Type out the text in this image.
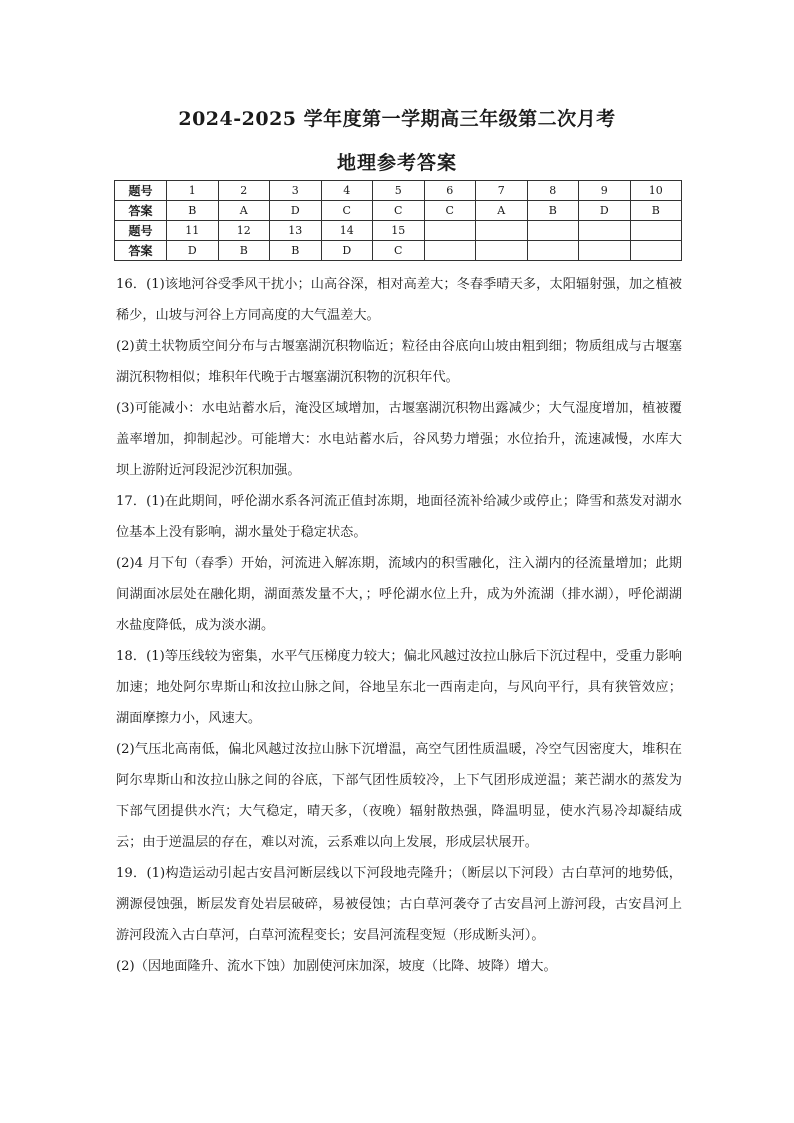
2024-2025 学年度第一学期高三年级第二次月考
地理参考答案
题号	1	2	3	4	5	6	7	8	9	10
答案	B	A	D	C	C	C	A	B	D	B
题号	11	12	13	14	15					
答案	D	B	B	D	C					

16．(1)该地河谷受季风干扰小；山高谷深，相对高差大；冬春季晴天多，太阳辐射强，加之植被稀少，山坡与河谷上方同高度的大气温差大。

(2)黄土状物质空间分布与古堰塞湖沉积物临近；粒径由谷底向山坡由粗到细；物质组成与古堰塞湖沉积物相似；堆积年代晚于古堰塞湖沉积物的沉积年代。

(3)可能减小：水电站蓄水后，淹没区域增加，古堰塞湖沉积物出露减少；大气湿度增加，植被覆盖率增加，抑制起沙。可能增大：水电站蓄水后，谷风势力增强；水位抬升，流速减慢，水库大坝上游附近河段泥沙沉积加强。

17．(1)在此期间，呼伦湖水系各河流正值封冻期，地面径流补给减少或停止；降雪和蒸发对湖水位基本上没有影响，湖水量处于稳定状态。

(2)4 月下旬（春季）开始，河流进入解冻期，流域内的积雪融化，注入湖内的径流量增加；此期间湖面冰层处在融化期，湖面蒸发量不大，；呼伦湖水位上升，成为外流湖（排水湖），呼伦湖湖水盐度降低，成为淡水湖。

18．(1)等压线较为密集，水平气压梯度力较大；偏北风越过汝拉山脉后下沉过程中，受重力影响加速；地处阿尔卑斯山和汝拉山脉之间，谷地呈东北一西南走向，与风向平行，具有狭管效应；湖面摩擦力小，风速大。

(2)气压北高南低，偏北风越过汝拉山脉下沉增温，高空气团性质温暖，冷空气因密度大，堆积在阿尔卑斯山和汝拉山脉之间的谷底，下部气团性质较冷，上下气团形成逆温；莱芒湖水的蒸发为下部气团提供水汽；大气稳定，晴天多，（夜晚）辐射散热强，降温明显，使水汽易冷却凝结成云；由于逆温层的存在，难以对流，云系难以向上发展，形成层状展开。

19．(1)构造运动引起古安昌河断层线以下河段地壳隆升；（断层以下河段）古白草河的地势低，溯源侵蚀强，断层发育处岩层破碎，易被侵蚀；古白草河袭夺了古安昌河上游河段，古安昌河上游河段流入古白草河，白草河流程变长；安昌河流程变短（形成断头河）。

(2)（因地面隆升、流水下蚀）加剧使河床加深，坡度（比降、坡降）增大。
